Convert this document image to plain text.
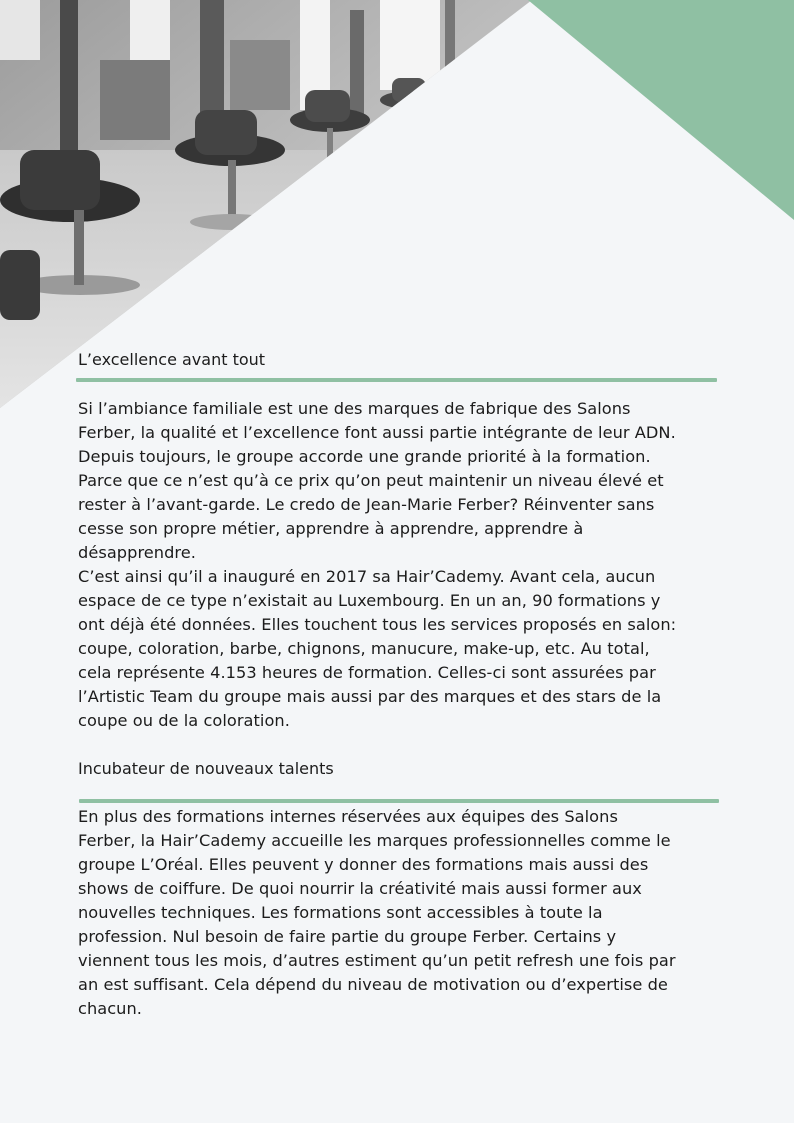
L’excellence avant tout
Si l’ambiance familiale est une des marques de fabrique des Salons
Ferber, la qualité et l’excellence font aussi partie intégrante de leur ADN.
Depuis toujours, le groupe accorde une grande priorité à la formation.
Parce que ce n’est qu’à ce prix qu’on peut maintenir un niveau élevé et
rester à l’avant-garde. Le credo de Jean-Marie Ferber? Réinventer sans
cesse son propre métier, apprendre à apprendre, apprendre à
désapprendre.
C’est ainsi qu’il a inauguré en 2017 sa Hair’Cademy. Avant cela, aucun
espace de ce type n’existait au Luxembourg. En un an, 90 formations y
ont déjà été données. Elles touchent tous les services proposés en salon:
coupe, coloration, barbe, chignons, manucure, make-up, etc. Au total,
cela représente 4.153 heures de formation. Celles-ci sont assurées par
l’Artistic Team du groupe mais aussi par des marques et des stars de la
coupe ou de la coloration.
Incubateur de nouveaux talents
En plus des formations internes réservées aux équipes des Salons
Ferber, la Hair’Cademy accueille les marques professionnelles comme le
groupe L’Oréal. Elles peuvent y donner des formations mais aussi des
shows de coiffure. De quoi nourrir la créativité mais aussi former aux
nouvelles techniques. Les formations sont accessibles à toute la
profession. Nul besoin de faire partie du groupe Ferber. Certains y
viennent tous les mois, d’autres estiment qu’un petit refresh une fois par
an est suffisant. Cela dépend du niveau de motivation ou d’expertise de
chacun.
